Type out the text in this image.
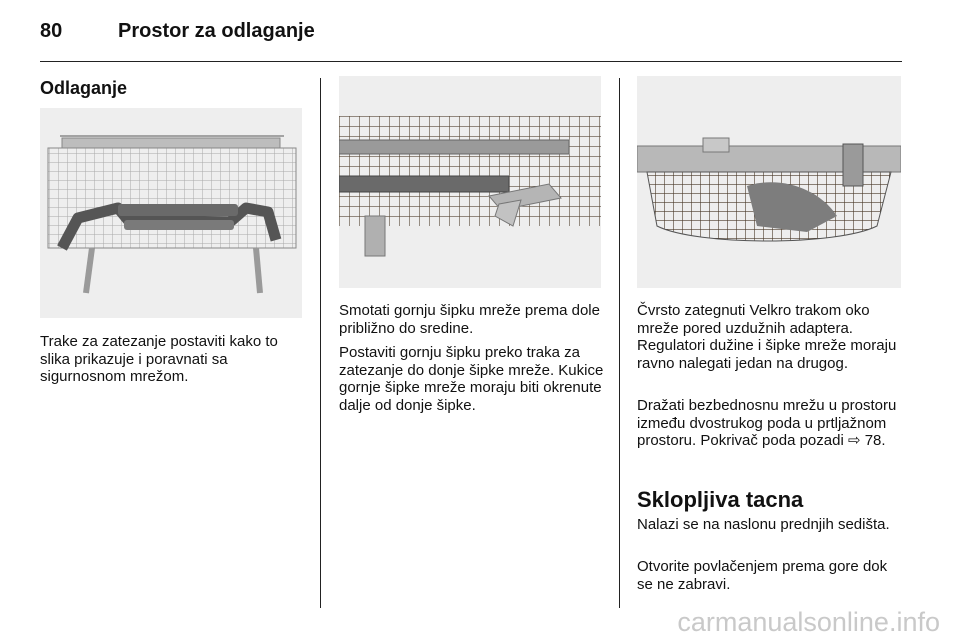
80	Prostor za odlaganje
Odlaganje

Trake za zatezanje postaviti kako to slika prikazuje i poravnati sa sigurnosnom mrežom.

Smotati gornju šipku mreže prema dole približno do sredine.

Postaviti gornju šipku preko traka za zatezanje do donje šipke mreže. Kukice gornje šipke mreže moraju biti okrenute dalje od donje šipke.

Čvrsto zategnuti Velkro trakom oko mreže pored uzdužnih adaptera. Regulatori dužine i šipke mreže moraju ravno nalegati jedan na drugog.

Dražati bezbednosnu mrežu u prostoru između dvostrukog poda u prtljažnom prostoru. Pokrivač poda pozadi ⇨ 78.

Sklopljiva tacna

Nalazi se na naslonu prednjih sedišta.

Otvorite povlačenjem prema gore dok se ne zabravi.

carmanualsonline.info
